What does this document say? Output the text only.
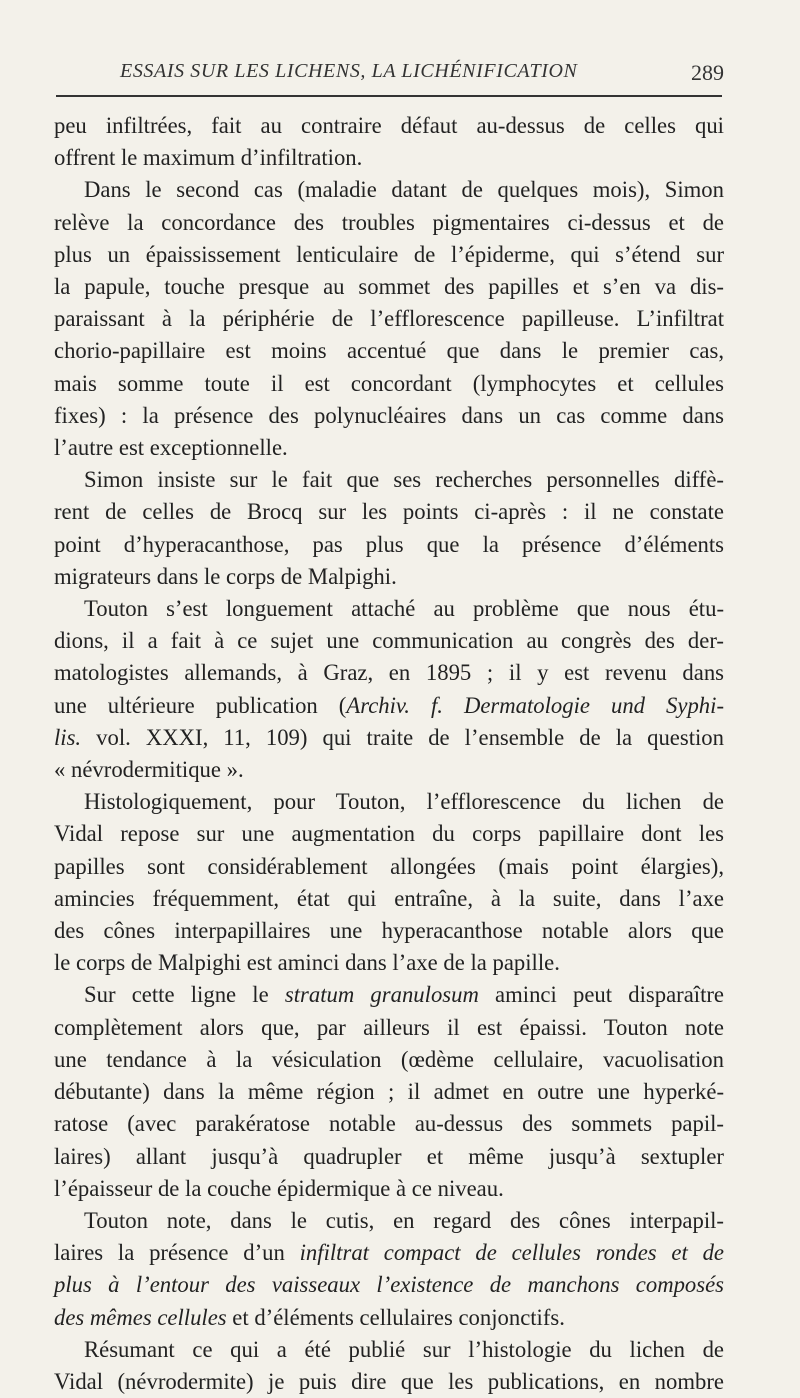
ESSAIS SUR LES LICHENS, LA LICHÉNIFICATION	289

peu infiltrées, fait au contraire défaut au-dessus de celles qui
offrent le maximum d’infiltration.

Dans le second cas (maladie datant de quelques mois), Simon
relève la concordance des troubles pigmentaires ci-dessus et de
plus un épaississement lenticulaire de l’épiderme, qui s’étend sur
la papule, touche presque au sommet des papilles et s’en va dis-
paraissant à la périphérie de l’efflorescence papilleuse. L’infiltrat
chorio-papillaire est moins accentué que dans le premier cas,
mais somme toute il est concordant (lymphocytes et cellules
fixes) : la présence des polynucléaires dans un cas comme dans
l’autre est exceptionnelle.

Simon insiste sur le fait que ses recherches personnelles diffè-
rent de celles de Brocq sur les points ci-après : il ne constate
point d’hyperacanthose, pas plus que la présence d’éléments
migrateurs dans le corps de Malpighi.

Touton s’est longuement attaché au problème que nous étu-
dions, il a fait à ce sujet une communication au congrès des der-
matologistes allemands, à Graz, en 1895 ; il y est revenu dans
une ultérieure publication (Archiv. f. Dermatologie und Syphi-
lis. vol. XXXI, 11, 109) qui traite de l’ensemble de la question
« névrodermitique ».

Histologiquement, pour Touton, l’efflorescence du lichen de
Vidal repose sur une augmentation du corps papillaire dont les
papilles sont considérablement allongées (mais point élargies),
amincies fréquemment, état qui entraîne, à la suite, dans l’axe
des cônes interpapillaires une hyperacanthose notable alors que
le corps de Malpighi est aminci dans l’axe de la papille.

Sur cette ligne le stratum granulosum aminci peut disparaître
complètement alors que, par ailleurs il est épaissi. Touton note
une tendance à la vésiculation (œdème cellulaire, vacuolisation
débutante) dans la même région ; il admet en outre une hyperké-
ratose (avec parakératose notable au-dessus des sommets papil-
laires) allant jusqu’à quadrupler et même jusqu’à sextupler
l’épaisseur de la couche épidermique à ce niveau.

Touton note, dans le cutis, en regard des cônes interpapil-
laires la présence d’un infiltrat compact de cellules rondes et de
plus à l’entour des vaisseaux l’existence de manchons composés
des mêmes cellules et d’éléments cellulaires conjonctifs.

Résumant ce qui a été publié sur l’histologie du lichen de
Vidal (névrodermite) je puis dire que les publications, en nombre
